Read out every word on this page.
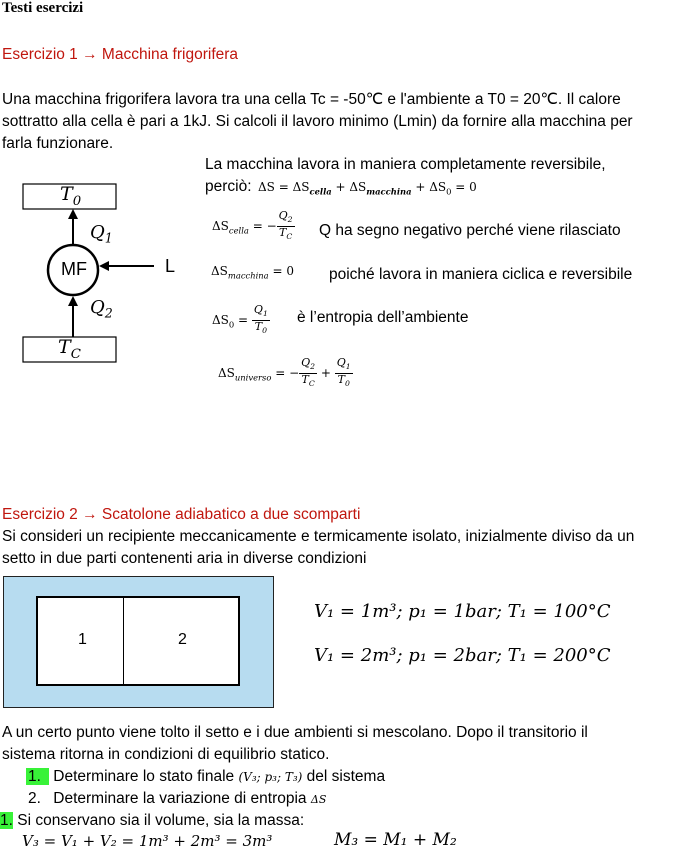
Testi esercizi
Esercizio 1 → Macchina frigorifera
Una macchina frigorifera lavora tra una cella Tc = -50℃ e l'ambiente a T0 = 20℃. Il calore
sottratto alla cella è pari a 1kJ. Si calcoli il lavoro minimo (Lmin) da fornire alla macchina per
farla funzionare.
La macchina lavora in maniera completamente reversibile,
perciò: $\Delta S = \Delta S_{cella} + \Delta S_{macchina} + \Delta S_0 = 0$
$T_0$
$T_C$
MF
$Q_1$
$Q_2$
L
$\Delta S_{cella}$ = − $\frac{Q_2}{T_C}$ Q ha segno negativo perché viene rilasciato
$\Delta S_{macchina} = 0$ poiché lavora in maniera ciclica e reversibile
$\Delta S_0 = \frac{Q_1}{T_0}$ è l’entropia dell’ambiente
$\Delta S_{universo}$ = − $\frac{Q_2}{T_C} + \frac{Q_1}{T_0}$
Esercizio 2 → Scatolone adiabatico a due scomparti
Si consideri un recipiente meccanicamente e termicamente isolato, inizialmente diviso da un
setto in due parti contenenti aria in diverse condizioni
1	2
V₁ = 1m³; p₁ = 1bar; T₁ = 100°C
V₁ = 2m³; p₁ = 2bar; T₁ = 200°C
A un certo punto viene tolto il setto e i due ambienti si mescolano. Dopo il transitorio il
sistema ritorna in condizioni di equilibrio statico.
1. Determinare lo stato finale (V₃; p₃; T₃) del sistema
2. Determinare la variazione di entropia ΔS
1. Si conservano sia il volume, sia la massa:
V₃ = V₁ + V₂ = 1m³ + 2m³ = 3m³	M₃ = M₁ + M₂
